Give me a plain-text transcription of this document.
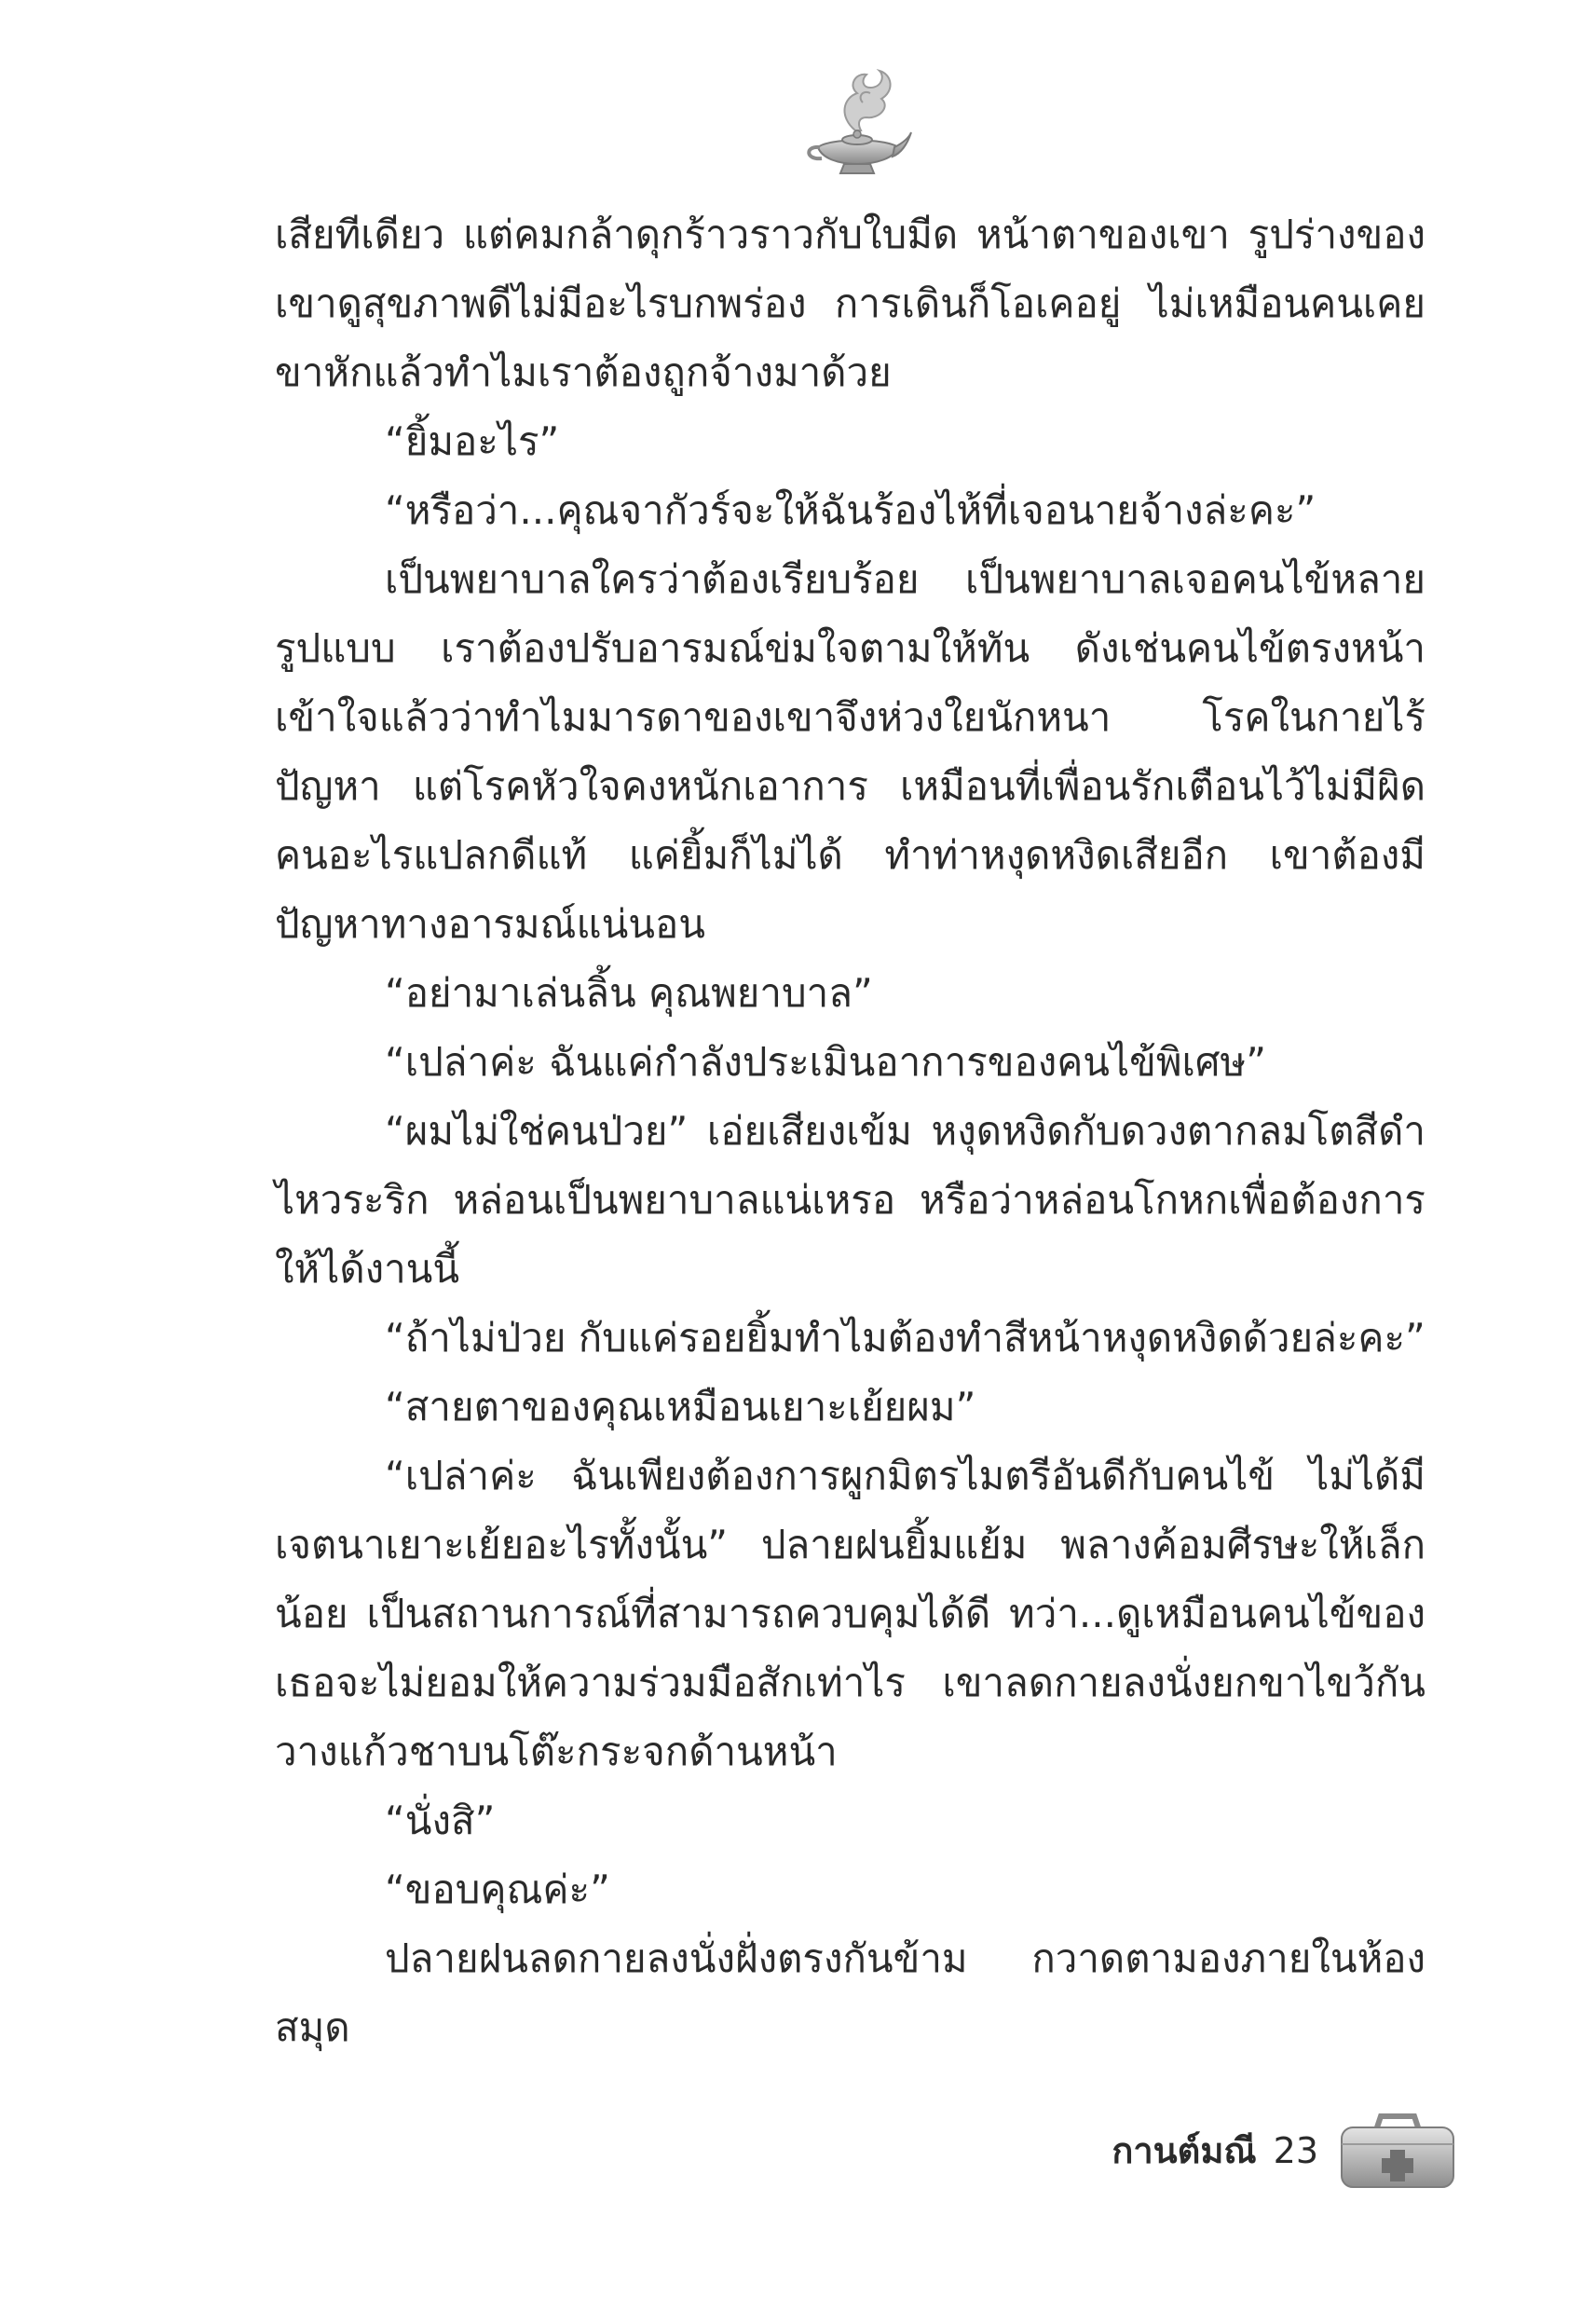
เสียทีเดียว แต่คมกล้าดุกร้าวราวกับใบมีด หน้าตาของเขา รูปร่างของเขาดูสุขภาพดีไม่มีอะไรบกพร่อง การเดินก็โอเคอยู่ ไม่เหมือนคนเคยขาหักแล้วทำไมเราต้องถูกจ้างมาด้วย

“ยิ้มอะไร”

“หรือว่า...คุณจากัวร์จะให้ฉันร้องไห้ที่เจอนายจ้างล่ะคะ”

เป็นพยาบาลใครว่าต้องเรียบร้อย เป็นพยาบาลเจอคนไข้หลายรูปแบบ เราต้องปรับอารมณ์ข่มใจตามให้ทัน ดังเช่นคนไข้ตรงหน้า เข้าใจแล้วว่าทำไมมารดาของเขาจึงห่วงใยนักหนา โรคในกายไร้ปัญหา แต่โรคหัวใจคงหนักเอาการ เหมือนที่เพื่อนรักเตือนไว้ไม่มีผิด คนอะไรแปลกดีแท้ แค่ยิ้มก็ไม่ได้ ทำท่าหงุดหงิดเสียอีก เขาต้องมีปัญหาทางอารมณ์แน่นอน

“อย่ามาเล่นลิ้น คุณพยาบาล”

“เปล่าค่ะ ฉันแค่กำลังประเมินอาการของคนไข้พิเศษ”

“ผมไม่ใช่คนป่วย” เอ่ยเสียงเข้ม หงุดหงิดกับดวงตากลมโตสีดำไหวระริก หล่อนเป็นพยาบาลแน่เหรอ หรือว่าหล่อนโกหกเพื่อต้องการให้ได้งานนี้

“ถ้าไม่ป่วย กับแค่รอยยิ้มทำไมต้องทำสีหน้าหงุดหงิดด้วยล่ะคะ”

“สายตาของคุณเหมือนเยาะเย้ยผม”

“เปล่าค่ะ ฉันเพียงต้องการผูกมิตรไมตรีอันดีกับคนไข้ ไม่ได้มีเจตนาเยาะเย้ยอะไรทั้งนั้น” ปลายฝนยิ้มแย้ม พลางค้อมศีรษะให้เล็กน้อย เป็นสถานการณ์ที่สามารถควบคุมได้ดี ทว่า...ดูเหมือนคนไข้ของเธอจะไม่ยอมให้ความร่วมมือสักเท่าไร เขาลดกายลงนั่งยกขาไขว้กัน วางแก้วชาบนโต๊ะกระจกด้านหน้า

“นั่งสิ”

“ขอบคุณค่ะ”

ปลายฝนลดกายลงนั่งฝั่งตรงกันข้าม กวาดตามองภายในห้องสมุด

กานต์มณี 23
